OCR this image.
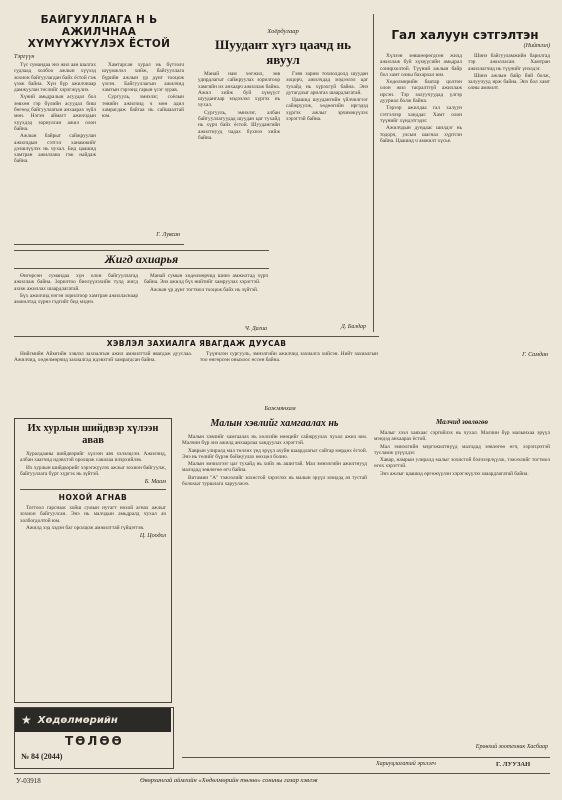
БАЙГУУЛЛАГА Н Ь АЖИЛЧНАА ХҮМҮҮЖҮҮЛЭХ ЁСТОЙ
Тэргүүн

Түс сумандаа энэ жил аан шалгах судлаад холбоо ажлын хүүхэд зохион байгуулагдан байх ёстой гэж үзэж байна. Хүн бүр ажилчнаар дамжуулан төслийг хэрэгжүүлнэ.

Хүний амьдралын асуудал бол зөвхөн гэр бүлийн асуудал биш бөгөөд байгууллагын анхаарах зүйл мөн. Нэгэн аймагт ажилчдын хүүхдэд зориулсан ажил олон байна.

Ажлын байрыг сайжруулан ажилчдын сэтгэл ханамжийг дээшлүүлэх нь чухал. Бид цаашид хамтран ажиллана гэж найдаж байна.

Хамтарсан хурал нь бүтээлч шүүмжлэл хийж, байгууллага бүрийн ажлын үр дүнг тооцож үзсэн. Байгууллагын ажилчид хамтын гэрээнд гарын үсэг зурав.

Сургууль, эмнэлэг, соёлын төвийн ажилчид ч мөн адил хамрагдаж байгаа нь сайшаалтай юм.

Г. Лувсан
Жигд ахиарья

Өнгөрсөн сумандаа хүн олон байгууллагад ажиллаж байна. Зорилтоо биелүүлэхийн тулд жигд ахиж ажиллах шаардлагатай.

Бүх ажилчид нэгэн зорилгоор хамтран ажилласнаар амжилтад хүрнэ гэдгийг бид мэднэ.

Манай сумын хөдөлмөрчид шинэ амжилтад хүрч байна. Энэ ажилд бүх нийтийг хамруулах хэрэгтэй.

Ажлын үр дүнг тогтмол тооцож байх нь зүйтэй.

Ч. Дагиа
ХЭВЛЭЛ ЗАХИАЛГА ЯВАГДАЖ ДУУСАВ

Нийгмийн Аймгийн хэвлэл захиалгын ажил амжилттай явагдаж дууслаа. Ажилчид, хөдөлмөрчид захиалгад идэвхтэй хамрагдсан байна.

Түүнчлэн сургууль, эмнэлгийн ажилчид захиалга хийсэн. Нийт захиалгын тоо өнгөрсөн оныхоос өссөн байна.

Бажмянхам
Хоёрдугаар
Шуудант хүгэ цаачд нь явуул

Манай нам хөгжил, зөв удирдлагыг сайжруулах зорилгоор хамгийн их анхаарч ажиллаж байна. Ажил хийж буй хүмүүст шуудангаар мэдээлэл хүргэх нь чухал.

Сургууль, эмнэлэг, албан байгууллагуудад шуудан цаг тухайд нь хүрч байх ёстой. Шуудангийн ажилтнууд чадах бүхнээ хийж байна.

Гэвч зарим тохиолдолд шуудан хоцорч, ажилчдад мэдээлэл цаг тухайд нь хүрэхгүй байна. Энэ дутагдлыг арилгах шаардлагатай.

Цаашид шуудангийн үйлчилгээг сайжруулж, хөдөөгийн иргэдэд хүргэх ажлыг эрчимжүүлэх хэрэгтэй байна.

Д. Балдар
Гал халуун сэтгэлтэн
(Нийтлэл)

Хүлээн зөвшөөрөгдсөн жилд ажиллаж буй хүмүүсийн амьдрал сонирхолтой. Түүний ажлын байр бол хамт олны бахархал юм.

Хөдөлмөрийн баатар цолтон олон жил тасралтгүй ажиллаж ирсэн. Тэр залуучуудад үлгэр дууриал болж байна.

Тэрээр ажилдаа гал халуун сэтгэлээр ханддаг. Хамт олон түүнийг хүндэтгэдэг.

Ажилчдын дундаас шилдэг нь тодорч, улсын шагнал хүртсэн байна. Цаашид ч амжилт хүсье.

Шинэ байгууламжийн барилгад тэр ажилласан. Хамтран ажиллагчид нь түүнийг үнэлдэг.

Шинэ ажлын байр бий болж, залуучууд ирж байна. Энэ бол хамт олны амжилт.

Г. Самдан
Их хурлын шийдвэр хүлээн авав

Хуралдааны шийдвэрийг хүлээн авч хэлэлцсэн. Ажилчид, албан хаагчид идэвхтэй оролцож саналаа илэрхийлэв.

Их хурлын шийдвэрийг хэрэгжүүлэх ажлыг зохион байгуулж, байгууллага бүрт хүргэх нь зүйтэй.

Б. Маам
НОХОЙ АГНАВ

Тогтоол гарснаас хойш сумын нутагт нохой агнах ажлыг зохион байгуулсан. Энэ нь малчдын амьдралд чухал ач холбогдолтой юм.

Ажилд хэд хэдэн баг оролцож амжилттай гүйцэтгэв.

Ц. Цоодол
★ Хөдөлмөрийн
ТӨЛӨӨ
№ 84 (2044)
Малын хэвлийг хамгаалах нь

Малын хэвлийг хамгаалах нь хөлсийн нөөцийг сайжруулах чухал ажил юм. Малчин бүр энэ ажилд анхаарлаа хандуулах хэрэгтэй.

Хаврын улиралд мал төллөх үед эрүүл ахуйн шаардлагыг сайтар мөрдөх ёстой. Энэ нь төлийг бүрэн бойжуулах нөхцөл болно.

Малын эмчилгээг цаг тухайд нь хийх нь ашигтай. Мал эмнэлгийн ажилтнууд малчдад зөвлөгөө өгч байна.

Витамин "А" тэжээлийг зохистой хэрэглэх нь малын эрүүл мэндэд ач тустай болохыг туршлага харуулжээ.

Малчид зөвлөгөө

Малыг хээл хаяхаас сэргийлэх нь чухал. Малчин бүр малынхаа эрүүл мэндэд анхаарах ёстой.

Мал эмнэлгийн мэргэжилтнүүд малчдад зөвлөгөө өгч, хэрэгцээтэй тусламж үзүүлдэг.

Хавар, намрын улиралд малыг зохистой бэлчээрлүүлж, тэжээлийг тогтмол өгөх хэрэгтэй.

Энэ ажлыг цаашид өргөжүүлэн хэрэгжүүлэх шаардлагатай байна.

Ерөнхий зоотехник Хасбаар
Хариуцлагатай эрхлэгч	Г. ЛУУЗАН
У-03918	Өвөрхангай аймгийн «Хөдөлмөрийн төлөө» сонины газар хэвлэв
